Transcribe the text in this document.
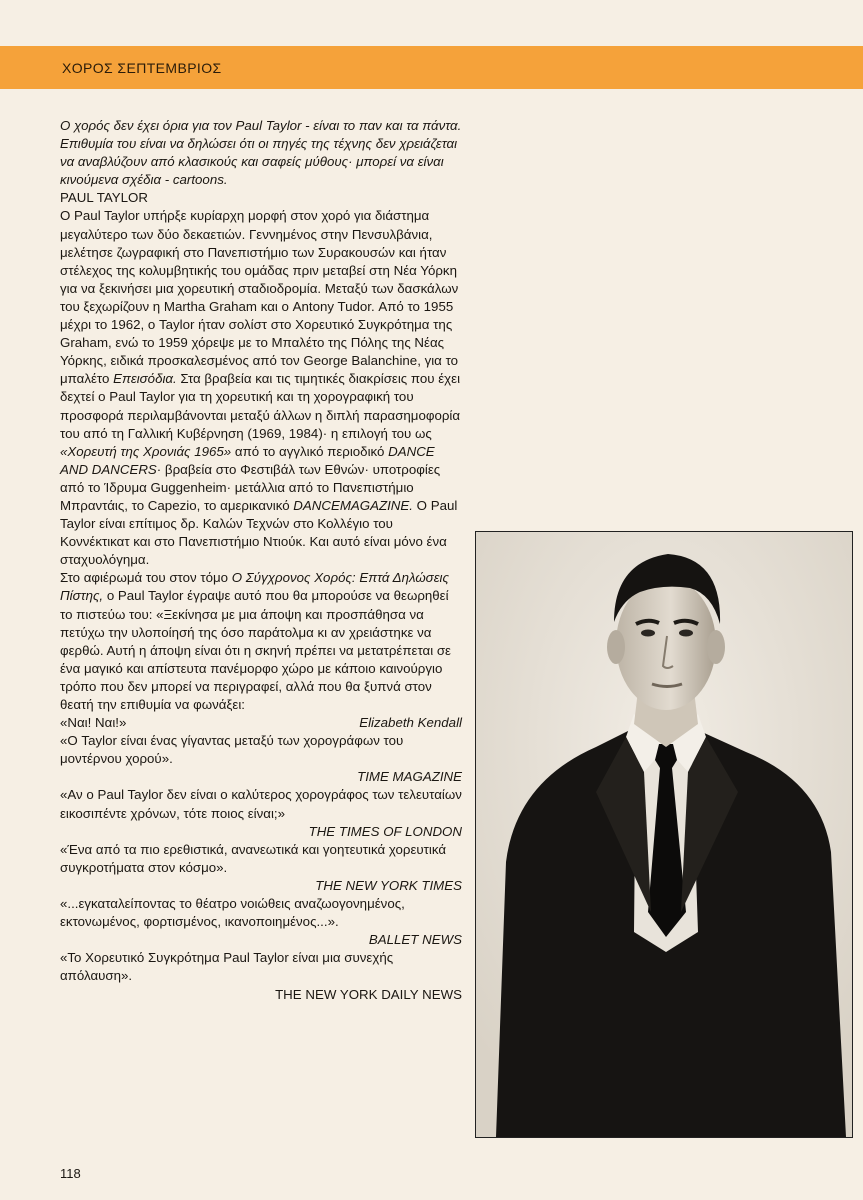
ΧΟΡΟΣ ΣΕΠΤΕΜΒΡΙΟΣ

Ο χορός δεν έχει όρια για τον Paul Taylor - είναι το παν και τα πάντα. Επιθυμία του είναι να δηλώσει ότι οι πηγές της τέχνης δεν χρειάζεται να αναβλύζουν από κλασικούς και σαφείς μύθους· μπορεί να είναι κινούμενα σχέδια - cartoons.

PAUL TAYLOR

Ο Paul Taylor υπήρξε κυρίαρχη μορφή στον χορό για διάστημα μεγαλύτερο των δύο δεκαετιών. Γεννημένος στην Πενσυλβάνια, μελέτησε ζωγραφική στο Πανεπιστήμιο των Συρακουσών και ήταν στέλεχος της κολυμβητικής του ομάδας πριν μεταβεί στη Νέα Υόρκη για να ξεκινήσει μια χορευτική σταδιοδρομία. Μεταξύ των δασκάλων του ξεχωρίζουν η Martha Graham και ο Antony Tudor. Από το 1955 μέχρι το 1962, ο Taylor ήταν σολίστ στο Χορευτικό Συγκρότημα της Graham, ενώ το 1959 χόρεψε με το Μπαλέτο της Πόλης της Νέας Υόρκης, ειδικά προσκαλεσμένος από τον George Balanchine, για το μπαλέτο Επεισόδια. Στα βραβεία και τις τιμητικές διακρίσεις που έχει δεχτεί ο Paul Taylor για τη χορευτική και τη χορογραφική του προσφορά περιλαμβάνονται μεταξύ άλλων η διπλή παρασημοφορία του από τη Γαλλική Κυβέρνηση (1969, 1984)· η επιλογή του ως «Χορευτή της Χρονιάς 1965» από το αγγλικό περιοδικό DANCE AND DANCERS· βραβεία στο Φεστιβάλ των Εθνών· υποτροφίες από το Ίδρυμα Guggenheim· μετάλλια από το Πανεπιστήμιο Μπραντάις, το Capezio, το αμερικανικό DANCEMAGAZINE. Ο Paul Taylor είναι επίτιμος δρ. Καλών Τεχνών στο Κολλέγιο του Κοννέκτικατ και στο Πανεπιστήμιο Ντιούκ. Και αυτό είναι μόνο ένα σταχυολόγημα.

Στο αφιέρωμά του στον τόμο Ο Σύγχρονος Χορός: Επτά Δηλώσεις Πίστης, ο Paul Taylor έγραψε αυτό που θα μπορούσε να θεωρηθεί το πιστεύω του: «Ξεκίνησα με μια άποψη και προσπάθησα να πετύχω την υλοποίησή της όσο παράτολμα κι αν χρειάστηκε να φερθώ. Αυτή η άποψη είναι ότι η σκηνή πρέπει να μετατρέπεται σε ένα μαγικό και απίστευτα πανέμορφο χώρο με κάποιο καινούργιο τρόπο που δεν μπορεί να περιγραφεί, αλλά που θα ξυπνά στον θεατή την επιθυμία να φωνάξει:

«Ναι! Ναι!»	Elizabeth Kendall

«Ο Taylor είναι ένας γίγαντας μεταξύ των χορογράφων του μοντέρνου χορού».

TIME MAGAZINE

«Αν ο Paul Taylor δεν είναι ο καλύτερος χορογράφος των τελευταίων εικοσιπέντε χρόνων, τότε ποιος είναι;»

THE TIMES OF LONDON

«Ένα από τα πιο ερεθιστικά, ανανεωτικά και γοητευτικά χορευτικά συγκροτήματα στον κόσμο».

THE NEW YORK TIMES

«...εγκαταλείποντας το θέατρο νοιώθεις αναζωογονημένος, εκτονωμένος, φορτισμένος, ικανοποιημένος...».

BALLET NEWS

«Το Χορευτικό Συγκρότημα Paul Taylor είναι μια συνεχής απόλαυση».

THE NEW YORK DAILY NEWS

118
